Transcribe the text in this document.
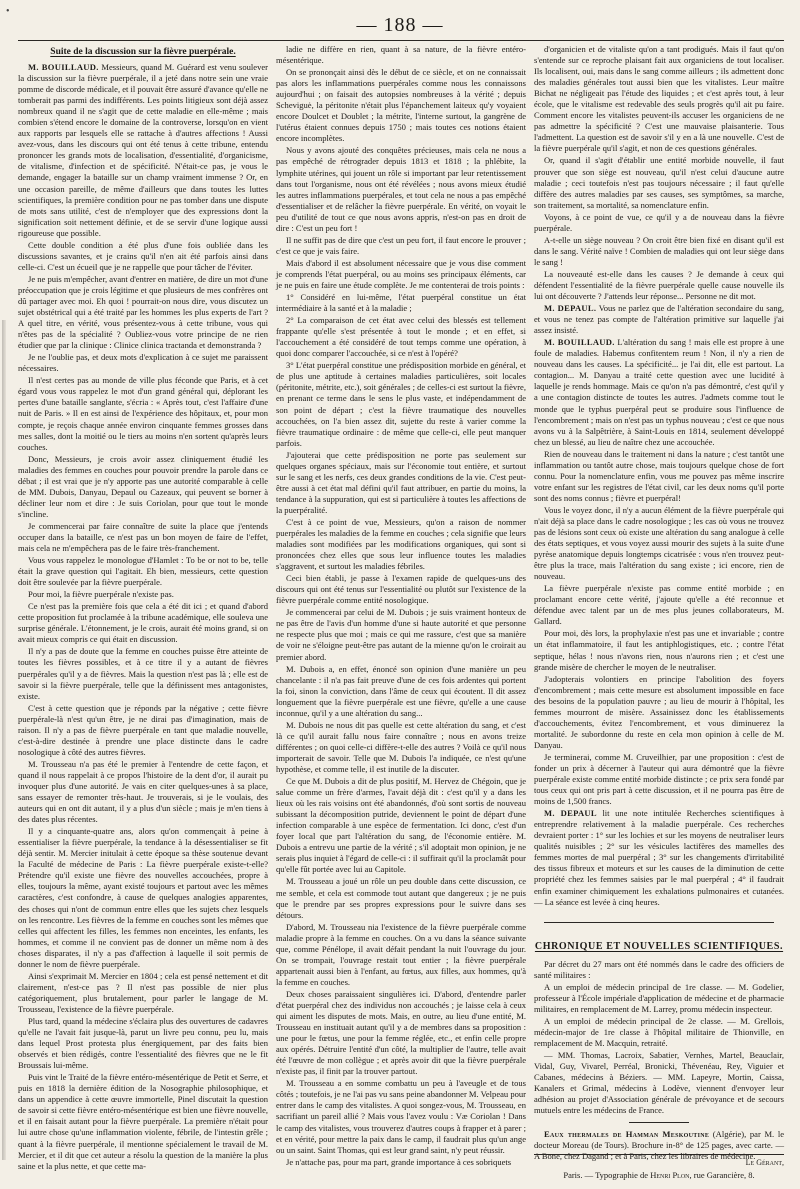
•
— 188 —
Suite de la discussion sur la fièvre puerpérale.

M. BOUILLAUD. Messieurs, quand M. Guérard est venu soulever la discussion sur la fièvre puerpérale, il a jeté dans notre sein une vraie pomme de discorde médicale, et il pouvait être assuré d'avance qu'elle ne tomberait pas parmi des indifférents. Les points litigieux sont déjà assez nombreux quand il ne s'agit que de cette maladie en elle-même ; mais combien s'étend encore le domaine de la controverse, lorsqu'on en vient aux rapports par lesquels elle se rattache à d'autres affections ! Aussi avez-vous, dans les discours qui ont été tenus à cette tribune, entendu prononcer les grands mots de localisation, d'essentialité, d'organicisme, de vitalisme, d'infection et de spécificité. N'était-ce pas, je vous le demande, engager la bataille sur un champ vraiment immense ? Or, en une occasion pareille, de même d'ailleurs que dans toutes les luttes scientifiques, la première condition pour ne pas tomber dans une dispute de mots sans utilité, c'est de n'employer que des expressions dont la signification soit nettement définie, et de se servir d'une logique aussi rigoureuse que possible.

Cette double condition a été plus d'une fois oubliée dans les discussions savantes, et je crains qu'il n'en ait été parfois ainsi dans celle-ci. C'est un écueil que je ne rappelle que pour tâcher de l'éviter.

Je ne puis m'empêcher, avant d'entrer en matière, de dire un mot d'une préoccupation que je crois légitime et que plusieurs de mes confrères ont dû partager avec moi. Eh quoi ! pourrait-on nous dire, vous discutez un sujet obstétrical qui a été traité par les hommes les plus experts de l'art ? A quel titre, en vérité, vous présentez-vous à cette tribune, vous qui n'êtes pas de la spécialité ? Oubliez-vous votre principe de ne rien étudier que par la clinique : Clinice clinica tractanda et demonstranda ?

Je ne l'oublie pas, et deux mots d'explication à ce sujet me paraissent nécessaires.

Il n'est certes pas au monde de ville plus féconde que Paris, et à cet égard vous vous rappelez le mot d'un grand général qui, déplorant les pertes d'une bataille sanglante, s'écria : « Après tout, c'est l'affaire d'une nuit de Paris. » Il en est ainsi de l'expérience des hôpitaux, et, pour mon compte, je reçois chaque année environ cinquante femmes grosses dans mes salles, dont la moitié ou le tiers au moins n'en sortent qu'après leurs couches.

Donc, Messieurs, je crois avoir assez cliniquement étudié les maladies des femmes en couches pour pouvoir prendre la parole dans ce débat ; il est vrai que je n'y apporte pas une autorité comparable à celle de MM. Dubois, Danyau, Depaul ou Cazeaux, qui peuvent se borner à décliner leur nom et dire : Je suis Coriolan, pour que tout le monde s'incline.

Je commencerai par faire connaître de suite la place que j'entends occuper dans la bataille, ce n'est pas un bon moyen de faire de l'effet, mais cela ne m'empêchera pas de le faire très-franchement.

Vous vous rappelez le monologue d'Hamlet : To be or not to be, telle était la grave question qui l'agitait. Eh bien, messieurs, cette question doit être soulevée par la fièvre puerpérale.

Pour moi, la fièvre puerpérale n'existe pas.

Ce n'est pas la première fois que cela a été dit ici ; et quand d'abord cette proposition fut proclamée à la tribune académique, elle souleva une surprise générale. L'étonnement, je le crois, aurait été moins grand, si on avait mieux compris ce qui était en discussion.

Il n'y a pas de doute que la femme en couches puisse être atteinte de toutes les fièvres possibles, et à ce titre il y a autant de fièvres puerpérales qu'il y a de fièvres. Mais la question n'est pas là ; elle est de savoir si la fièvre puerpérale, telle que la définissent mes antagonistes, existe.

C'est à cette question que je réponds par la négative ; cette fièvre puerpérale-là n'est qu'un être, je ne dirai pas d'imagination, mais de raison. Il n'y a pas de fièvre puerpérale en tant que maladie nouvelle, c'est-à-dire destinée à prendre une place distincte dans le cadre nosologique à côté des autres fièvres.

M. Trousseau n'a pas été le premier à l'entendre de cette façon, et quand il nous rappelait à ce propos l'histoire de la dent d'or, il aurait pu invoquer plus d'une autorité. Je vais en citer quelques-unes à sa place, sans essayer de remonter très-haut. Je trouverais, si je le voulais, des auteurs qui en ont dit autant, il y a plus d'un siècle ; mais je m'en tiens à des dates plus récentes.

Il y a cinquante-quatre ans, alors qu'on commençait à peine à essentialiser la fièvre puerpérale, la tendance à la désessentialiser se fit déjà sentir. M. Mercier initulait à cette époque sa thèse soutenue devant la Faculté de médecine de Paris : La fièvre puerpérale existe-t-elle? Prétendre qu'il existe une fièvre des nouvelles accouchées, propre à elles, toujours la même, ayant existé toujours et partout avec les mêmes caractères, c'est confondre, à cause de quelques analogies apparentes, des choses qui n'ont de commun entre elles que les sujets chez lesquels on les rencontre. Les fièvres de la femme en couches sont les mêmes que celles qui affectent les filles, les femmes non enceintes, les enfants, les hommes, et comme il ne convient pas de donner un même nom à des choses disparates, il n'y a pas d'affection à laquelle il soit permis de donner le nom de fièvre puerpérale.

Ainsi s'exprimait M. Mercier en 1804 ; cela est pensé nettement et dit clairement, n'est-ce pas ? Il n'est pas possible de nier plus catégoriquement, plus brutalement, pour parler le langage de M. Trousseau, l'existence de la fièvre puerpérale.

Plus tard, quand la médecine s'éclaira plus des ouvertures de cadavres qu'elle ne l'avait fait jusque-là, parut un livre peu connu, peu lu, mais dans lequel Prost protesta plus énergiquement, par des faits bien observés et bien rédigés, contre l'essentialité des fièvres que ne le fit Broussais lui-même.

Puis vint le Traité de la fièvre entéro-mésentérique de Petit et Serre, et puis en 1818 la dernière édition de la Nosographie philosophique, et dans un appendice à cette œuvre immortelle, Pinel discutait la question de savoir si cette fièvre entéro-mésentérique est bien une fièvre nouvelle, et il en faisait autant pour la fièvre puerpérale. La première n'était pour lui autre chose qu'une inflammation violente, fébrile, de l'intestin grêle ; quant à la fièvre puerpérale, il mentionne spécialement le travail de M. Mercier, et il dit que cet auteur a résolu la question de la manière la plus saine et la plus nette, et que cette ma-

ladie ne diffère en rien, quant à sa nature, de la fièvre entéro-mésentérique.

On se prononçait ainsi dès le début de ce siècle, et on ne connaissait pas alors les inflammations puerpérales comme nous les connaissons aujourd'hui ; on faisait des autopsies nombreuses à la vérité ; depuis Scheviguė, la péritonite n'était plus l'épanchement laiteux qu'y voyaient encore Doulcet et Doublet ; la métrite, l'interne surtout, la gangrène de l'utérus étaient connues depuis 1750 ; mais toutes ces notions étaient encore incomplètes.

Nous y avons ajouté des conquêtes précieuses, mais cela ne nous a pas empêché de rétrograder depuis 1813 et 1818 ; la phlébite, la lymphite utérines, qui jouent un rôle si important par leur retentissement dans tout l'organisme, nous ont été révélées ; nous avons mieux étudié les autres inflammations puerpérales, et tout cela ne nous a pas empêché d'essentialiser et de relâcher la fièvre puerpérale. En vérité, on voyait le peu d'utilité de tout ce que nous avons appris, n'est-on pas en droit de dire : C'est un peu fort !

Il ne suffit pas de dire que c'est un peu fort, il faut encore le prouver ; c'est ce que je vais faire.

Mais d'abord il est absolument nécessaire que je vous dise comment je comprends l'état puerpéral, ou au moins ses principaux éléments, car je ne puis en faire une étude complète. Je me contenterai de trois points :

1° Considéré en lui-même, l'état puerpéral constitue un état intermédiaire à la santé et à la maladie ;

2° La comparaison de cet état avec celui des blessés est tellement frappante qu'elle s'est présentée à tout le monde ; et en effet, si l'accouchement a été considéré de tout temps comme une opération, à quoi donc comparer l'accouchée, si ce n'est à l'opéré?

3° L'état puerpéral constitue une prédisposition morbide en général, et de plus une aptitude à certaines maladies particulières, soit locales (péritonite, métrite, etc.), soit générales ; de celles-ci est surtout la fièvre, en prenant ce terme dans le sens le plus vaste, et indépendamment de son point de départ ; c'est la fièvre traumatique des nouvelles accouchées, on l'a bien assez dit, sujette du reste à varier comme la fièvre traumatique ordinaire : de même que celle-ci, elle peut manquer parfois.

J'ajouterai que cette prédisposition ne porte pas seulement sur quelques organes spéciaux, mais sur l'économie tout entière, et surtout sur le sang et les nerfs, ces deux grandes conditions de la vie. C'est peut-être aussi à cet état mal défini qu'il faut attribuer, en partie du moins, la tendance à la suppuration, qui est si particulière à toutes les affections de la puerpéralité.

C'est à ce point de vue, Messieurs, qu'on a raison de nommer puerpérales les maladies de la femme en couches ; cela signifie que leurs maladies sont modifiées par les modifications organiques, qui sont si prononcées chez elles que sous leur influence toutes les maladies s'aggravent, et surtout les maladies fébriles.

Ceci bien établi, je passe à l'examen rapide de quelques-uns des discours qui ont été tenus sur l'essentialité ou plutôt sur l'existence de la fièvre puerpérale comme entité nosologique.

Je commencerai par celui de M. Dubois ; je suis vraiment honteux de ne pas être de l'avis d'un homme d'une si haute autorité et que personne ne respecte plus que moi ; mais ce qui me rassure, c'est que sa manière de voir ne s'éloigne peut-être pas autant de la mienne qu'on le croirait au premier abord.

M. Dubois a, en effet, énoncé son opinion d'une manière un peu chancelante : il n'a pas fait preuve d'une de ces fois ardentes qui portent la foi, sinon la conviction, dans l'âme de ceux qui écoutent. Il dit assez longuement que la fièvre puerpérale est une fièvre, qu'elle a une cause inconnue, qu'il y a une altération du sang...

M. Dubois ne nous dit pas quelle est cette altération du sang, et c'est là ce qu'il aurait fallu nous faire connaître ; nous en avons treize différentes ; on quoi celle-ci diffère-t-elle des autres ? Voilà ce qu'il nous importerait de savoir. Telle que M. Dubois l'a indiquée, ce n'est qu'une hypothèse, et comme telle, il est inutile de la discuter.

Ce que M. Dubois a dit de plus positif, M. Hervez de Chégoin, que je salue comme un frère d'armes, l'avait déjà dit : c'est qu'il y a dans les lieux où les rais voisins ont été abandonnés, d'où sont sortis de nouveau subissant la décomposition putride, deviennent le point de départ d'une infection comparable à une espèce de fermentation. Ici donc, c'est d'un foyer local que part l'altération du sang, de l'économie entière. M. Dubois a entrevu une partie de la vérité ; s'il adoptait mon opinion, je ne serais plus inquiet à l'égard de celle-ci : il suffirait qu'il la proclamât pour qu'elle fût portée avec lui au Capitole.

M. Trousseau a joué un rôle un peu double dans cette discussion, ce me semble, et cela est commode tout autant que dangereux ; je ne puis que le prendre par ses propres expressions pour le suivre dans ses détours.

D'abord, M. Trousseau nia l'existence de la fièvre puerpérale comme maladie propre à la femme en couches. On a vu dans la séance suivante que, comme Pénélope, il avait défait pendant la nuit l'ouvrage du jour. On se trompait, l'ouvrage restait tout entier ; la fièvre puerpérale appartenait aussi bien à l'enfant, au fœtus, aux filles, aux hommes, qu'à la femme en couches.

Deux choses paraissaient singulières ici. D'abord, d'entendre parler d'état puerpéral chez des individus non accouchés ; je laisse cela à ceux qui aiment les disputes de mots. Mais, en outre, au lieu d'une entité, M. Trousseau en instituait autant qu'il y a de membres dans sa proposition : une pour le fœtus, une pour la femme réglée, etc., et enfin celle propre aux opérés. Détruire l'entité d'un côté, la multiplier de l'autre, telle avait été l'œuvre de mon collègue ; et après avoir dit que la fièvre puerpérale n'existe pas, il finit par la trouver partout.

M. Trousseau a en somme combattu un peu à l'aveugle et de tous côtés ; toutefois, je ne l'ai pas vu sans peine abandonner M. Velpeau pour entrer dans le camp des vitalistes. A quoi songez-vous, M. Trousseau, en sacrifiant un pareil allié ? Mais vous l'avez voulu : Væ Coriolan ! Dans le camp des vitalistes, vous trouverez d'autres coups à frapper et à parer ; et en vérité, pour mettre la paix dans le camp, il faudrait plus qu'un ange ou un saint. Saint Thomas, qui est leur grand saint, n'y peut réussir.

Je n'attache pas, pour ma part, grande importance à ces sobriquets

d'organicien et de vitaliste qu'on a tant prodigués. Mais il faut qu'on s'entende sur ce reproche plaisant fait aux organiciens de tout localiser. Ils localisent, oui, mais dans le sang comme ailleurs ; ils admettent donc des maladies générales tout aussi bien que les vitalistes. Leur maître Bichat ne négligeait pas l'étude des liquides ; et c'est après tout, à leur école, que le vitalisme est redevable des seuls progrès qu'il ait pu faire. Comment encore les vitalistes peuvent-ils accuser les organiciens de ne pas admettre la spécificité ? C'est une mauvaise plaisanterie. Tous l'admettent. La question est de savoir s'il y en a là une nouvelle. C'est de la fièvre puerpérale qu'il s'agit, et non de ces questions générales.

Or, quand il s'agit d'établir une entité morbide nouvelle, il faut prouver que son siège est nouveau, qu'il n'est celui d'aucune autre maladie ; ceci toutefois n'est pas toujours nécessaire ; il faut qu'elle diffère des autres maladies par ses causes, ses symptômes, sa marche, son traitement, sa mortalité, sa nomenclature enfin.

Voyons, à ce point de vue, ce qu'il y a de nouveau dans la fièvre puerpérale.

A-t-elle un siège nouveau ? On croit être bien fixé en disant qu'il est dans le sang. Vérité naïve ! Combien de maladies qui ont leur siège dans le sang !

La nouveauté est-elle dans les causes ? Je demande à ceux qui défendent l'essentialité de la fièvre puerpérale quelle cause nouvelle ils lui ont découverte ? J'attends leur réponse... Personne ne dit mot.

M. DEPAUL. Vous ne parlez que de l'altération secondaire du sang, et vous ne tenez pas compte de l'altération primitive sur laquelle j'ai assez insisté.

M. BOUILLAUD. L'altération du sang ! mais elle est propre à une foule de maladies. Habemus confitentem reum ! Non, il n'y a rien de nouveau dans les causes. La spécificité... je l'ai dit, elle est partout. La contagion... M. Danyau a traité cette question avec une lucidité à laquelle je rends hommage. Mais ce qu'on n'a pas démontré, c'est qu'il y a une contagion distincte de toutes les autres. J'admets comme tout le monde que le typhus puerpéral peut se produire sous l'influence de l'encombrement ; mais on n'est pas un typhus nouveau ; c'est ce que nous avons vu à la Salpêtrière, à Saint-Louis en 1814, seulement développé chez un blessé, au lieu de naître chez une accouchée.

Rien de nouveau dans le traitement ni dans la nature ; c'est tantôt une inflammation ou tantôt autre chose, mais toujours quelque chose de fort connu. Pour la nomenclature enfin, vous me pouvez pas même inscrire votre enfant sur les registres de l'état civil, car les deux noms qu'il porte sont des noms connus ; fièvre et puerpéral!

Vous le voyez donc, il n'y a aucun élément de la fièvre puerpérale qui n'ait déjà sa place dans le cadre nosologique ; les cas où vous ne trouvez pas de lésions sont ceux où existe une altération du sang analogue à celle des états septiques, et vous voyez aussi mourir des sujets à la suite d'une pyrèse anatomique depuis longtemps cicatrisée : vous n'en trouvez peut-être plus la trace, mais l'altération du sang existe ; ici encore, rien de nouveau.

La fièvre puerpérale n'existe pas comme entité morbide ; en proclamant encore cette vérité, j'ajoute qu'elle a été reconnue et défendue avec talent par un de mes plus jeunes collaborateurs, M. Gallard.

Pour moi, dès lors, la prophylaxie n'est pas une et invariable ; contre un état inflammatoire, il faut les antiphlogistiques, etc. ; contre l'état septique, hélas ! nous n'avons rien, nous n'aurons rien ; et c'est une grande misère de chercher le moyen de le neutraliser.

J'adopterais volontiers en principe l'abolition des foyers d'encombrement ; mais cette mesure est absolument impossible en face des besoins de la population pauvre ; au lieu de mourir à l'hôpital, les femmes mourront de misère. Assainissez donc les établissements d'accouchements, évitez l'encombrement, et vous diminuerez la mortalité. Je subordonne du reste en cela mon opinion à celle de M. Danyau.

Je terminerai, comme M. Cruveilhier, par une proposition : c'est de fonder un prix à décerner à l'auteur qui aura démontré que la fièvre puerpérale existe comme entité morbide distincte ; ce prix sera fondé par tous ceux qui ont pris part à cette discussion, et il ne pourra pas être de moins de 1,500 francs.

M. DEPAUL lit une note intitulée Recherches scientifiques à entreprendre relativement à la maladie puerpérale. Ces recherches devraient porter : 1° sur les lochies et sur les moyens de neutraliser leurs qualités nuisibles ; 2° sur les vésicules lactifères des mamelles des femmes mortes de mal puerpéral ; 3° sur les changements d'irritabilité des tissus fibreux et moteurs et sur les causes de la diminution de cette propriété chez les femmes saisies par le mal puerpéral ; 4° il faudrait enfin examiner chimiquement les exhalations pulmonaires et cutanées. — La séance est levée à cinq heures.

CHRONIQUE ET NOUVELLES SCIENTIFIQUES.

Par décret du 27 mars ont été nommés dans le cadre des officiers de santé militaires :

A un emploi de médecin principal de 1re classe. — M. Godelier, professeur à l'École impériale d'application de médecine et de pharmacie militaires, en remplacement de M. Larrey, promu médecin inspecteur.

A un emploi de médecin principal de 2e classe. — M. Grellois, médecin-major de 1re classe à l'hôpital militaire de Thionville, en remplacement de M. Macquin, retraité.

— MM. Thomas, Lacroix, Sabatier, Vernhes, Martel, Beauclair, Vidal, Guy, Vivarel, Perréal, Bronicki, Thévenéau, Rey, Viguier et Cabanes, médecins à Béziers. — MM. Lapeyre, Mortin, Caissa, Kanalers et Grimal, médecins à Lodève, viennent d'envoyer leur adhésion au projet d'Association générale de prévoyance et de secours mutuels entre les médecins de France.

Eaux thermales de Hamman Meskoutine (Algérie), par M. le docteur Moreau (de Tours). Brochure in-8° de 125 pages, avec carte. — A Bone, chez Dagand ; et à Paris, chez les libraires de médecine.

Le Gérant,
Paris. — Typographie de Henri Plon, rue Garancière, 8.
